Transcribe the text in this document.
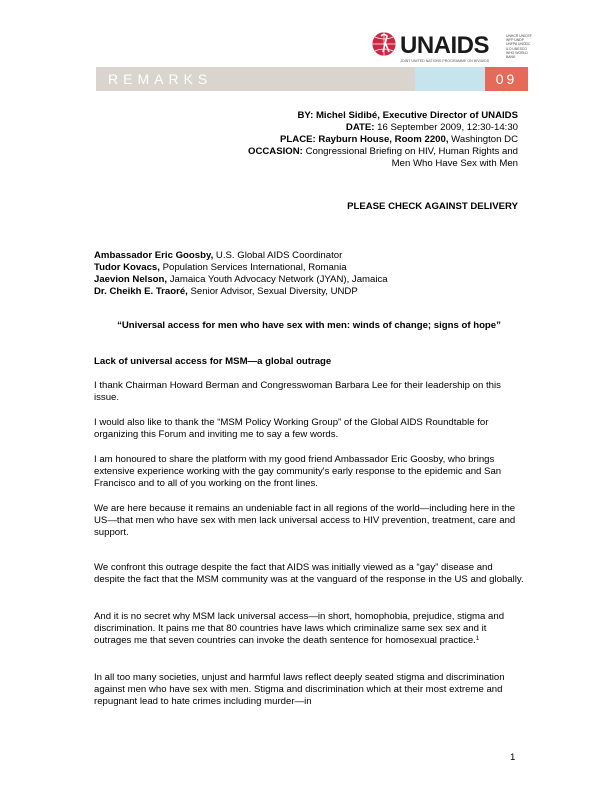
UNAIDS	UNHCR UNICEF WFP UNDP UNFPA UNODC ILO UNESCO WHO WORLD BANK
JOINT UNITED NATIONS PROGRAMME ON HIV/AIDS
REMARKS	09
BY: Michel Sidibé, Executive Director of UNAIDS
DATE: 16 September 2009, 12:30-14:30
PLACE: Rayburn House, Room 2200, Washington DC
OCCASION: Congressional Briefing on HIV, Human Rights and
Men Who Have Sex with Men
PLEASE CHECK AGAINST DELIVERY
Ambassador Eric Goosby, U.S. Global AIDS Coordinator
Tudor Kovacs, Population Services International, Romania
Jaevion Nelson, Jamaica Youth Advocacy Network (JYAN), Jamaica
Dr. Cheikh E. Traoré, Senior Advisor, Sexual Diversity, UNDP
“Universal access for men who have sex with men: winds of change; signs of hope”
Lack of universal access for MSM—a global outrage
I thank Chairman Howard Berman and Congresswoman Barbara Lee for their leadership on this issue.
I would also like to thank the “MSM Policy Working Group” of the Global AIDS Roundtable for organizing this Forum and inviting me to say a few words.
I am honoured to share the platform with my good friend Ambassador Eric Goosby, who brings extensive experience working with the gay community's early response to the epidemic and San Francisco and to all of you working on the front lines.
We are here because it remains an undeniable fact in all regions of the world—including here in the US—that men who have sex with men lack universal access to HIV prevention, treatment, care and support.
We confront this outrage despite the fact that AIDS was initially viewed as a “gay” disease and despite the fact that the MSM community was at the vanguard of the response in the US and globally.
And it is no secret why MSM lack universal access—in short, homophobia, prejudice, stigma and discrimination. It pains me that 80 countries have laws which criminalize same sex sex and it outrages me that seven countries can invoke the death sentence for homosexual practice.$^1$
In all too many societies, unjust and harmful laws reflect deeply seated stigma and discrimination against men who have sex with men. Stigma and discrimination which at their most extreme and repugnant lead to hate crimes including murder—in
1
